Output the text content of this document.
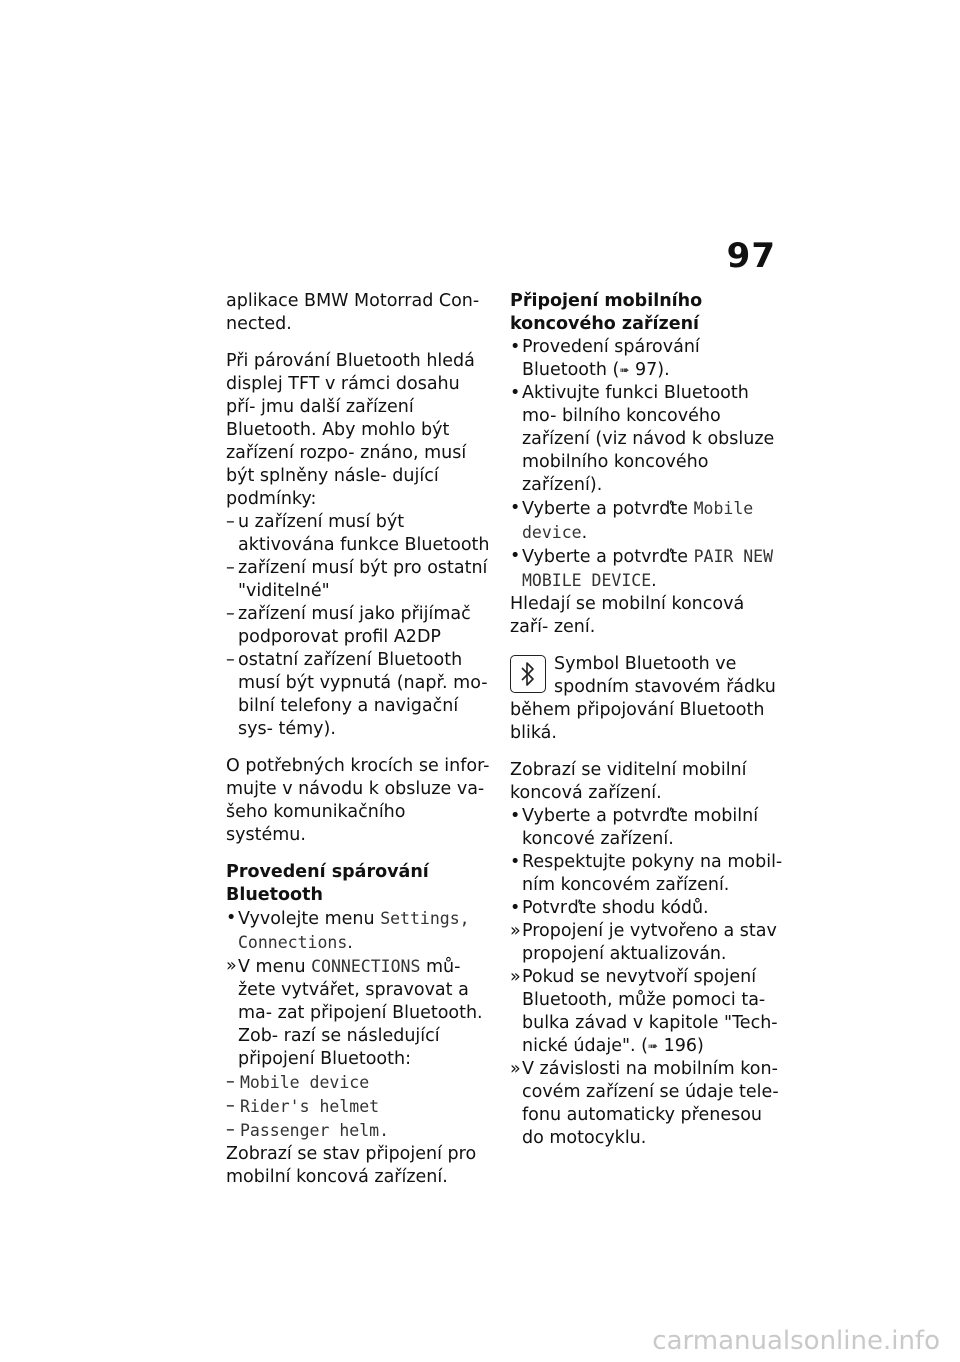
97

aplikace BMW Motorrad Con- nected.

Při párování Bluetooth hledá displej TFT v rámci dosahu pří- jmu další zařízení Bluetooth. Aby mohlo být zařízení rozpo- znáno, musí být splněny násle- dující podmínky:
– u zařízení musí být aktivována funkce Bluetooth
– zařízení musí být pro ostatní "viditelné"
– zařízení musí jako přijímač podporovat profil A2DP
– ostatní zařízení Bluetooth musí být vypnutá (např. mo- bilní telefony a navigační sys- témy).

O potřebných krocích se infor- mujte v návodu k obsluze va- šeho komunikačního systému.

Provedení spárování Bluetooth
• Vyvolejte menu Settings, Connections.
» V menu CONNECTIONS mů- žete vytvářet, spravovat a ma- zat připojení Bluetooth. Zob- razí se následující připojení Bluetooth:
– Mobile device
– Rider's helmet
– Passenger helm.

Zobrazí se stav připojení pro mobilní koncová zařízení.

Připojení mobilního koncového zařízení
• Provedení spárování Bluetooth (➠ 97).
• Aktivujte funkci Bluetooth mo- bilního koncového zařízení (viz návod k obsluze mobilního koncového zařízení).
• Vyberte a potvrďte Mobile device.
• Vyberte a potvrďte PAIR NEW MOBILE DEVICE.

Hledají se mobilní koncová zaří- zení.

Symbol Bluetooth ve spodním stavovém řádku během připojování Bluetooth bliká.
Zobrazí se viditelní mobilní koncová zařízení.
• Vyberte a potvrďte mobilní koncové zařízení.
• Respektujte pokyny na mobil- ním koncovém zařízení.
• Potvrďte shodu kódů.
» Propojení je vytvořeno a stav propojení aktualizován.
» Pokud se nevytvoří spojení Bluetooth, může pomoci ta- bulka závad v kapitole "Tech- nické údaje". (➠ 196)
» V závislosti na mobilním kon- covém zařízení se údaje tele- fonu automaticky přenesou do motocyklu.
carmanualsonline.info
